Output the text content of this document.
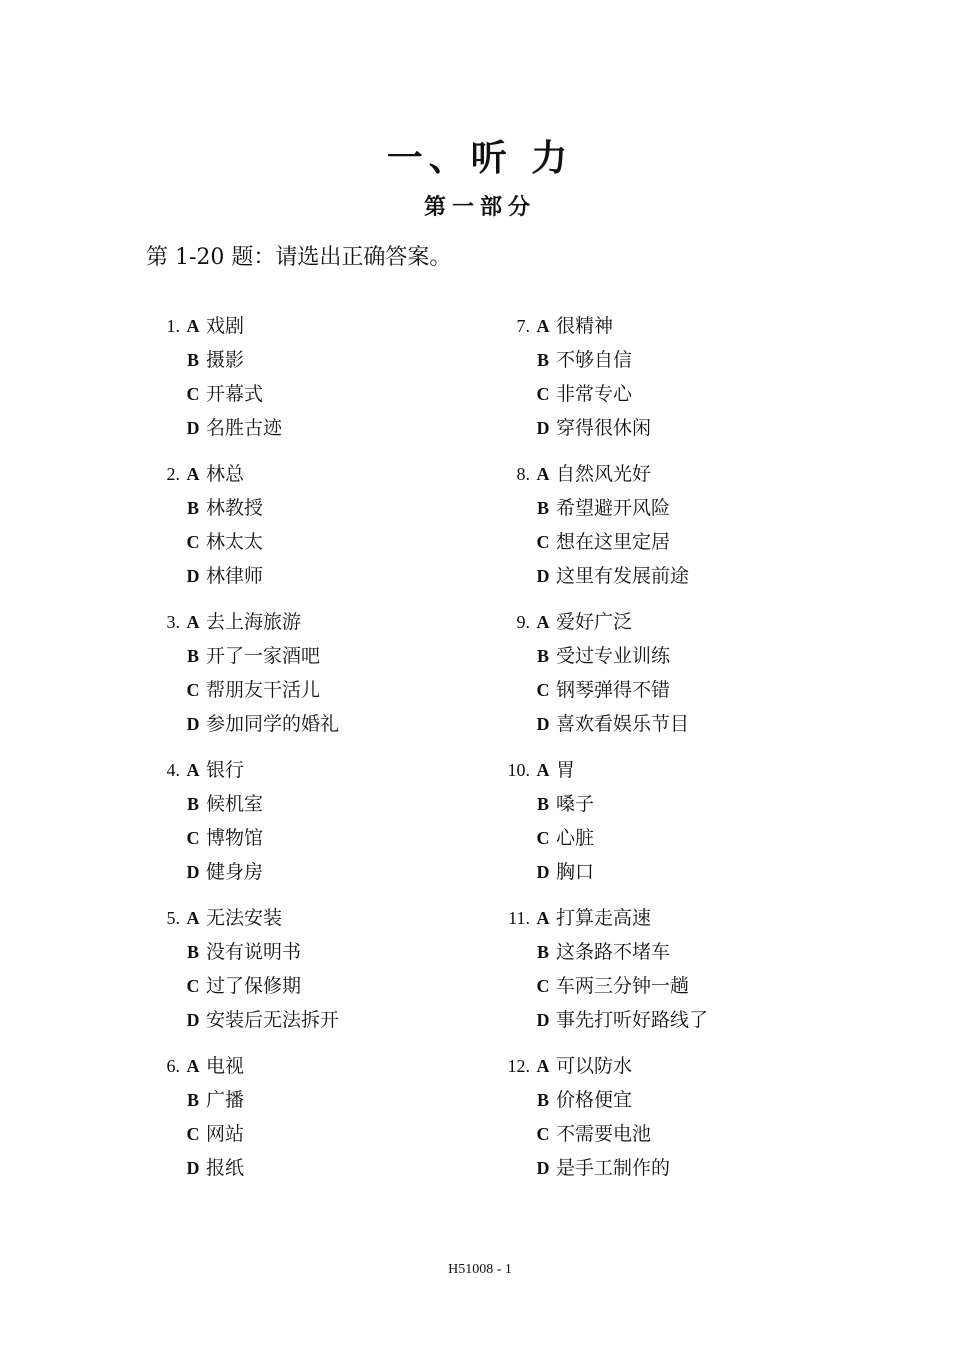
一、听 力
第一部分
第 1-20 题：请选出正确答案。
1. A 戏剧
B 摄影
C 开幕式
D 名胜古迹
2. A 林总
B 林教授
C 林太太
D 林律师
3. A 去上海旅游
B 开了一家酒吧
C 帮朋友干活儿
D 参加同学的婚礼
4. A 银行
B 候机室
C 博物馆
D 健身房
5. A 无法安装
B 没有说明书
C 过了保修期
D 安装后无法拆开
6. A 电视
B 广播
C 网站
D 报纸
7. A 很精神
B 不够自信
C 非常专心
D 穿得很休闲
8. A 自然风光好
B 希望避开风险
C 想在这里定居
D 这里有发展前途
9. A 爱好广泛
B 受过专业训练
C 钢琴弹得不错
D 喜欢看娱乐节目
10. A 胃
B 嗓子
C 心脏
D 胸口
11. A 打算走高速
B 这条路不堵车
C 车两三分钟一趟
D 事先打听好路线了
12. A 可以防水
B 价格便宜
C 不需要电池
D 是手工制作的
H51008 - 1
